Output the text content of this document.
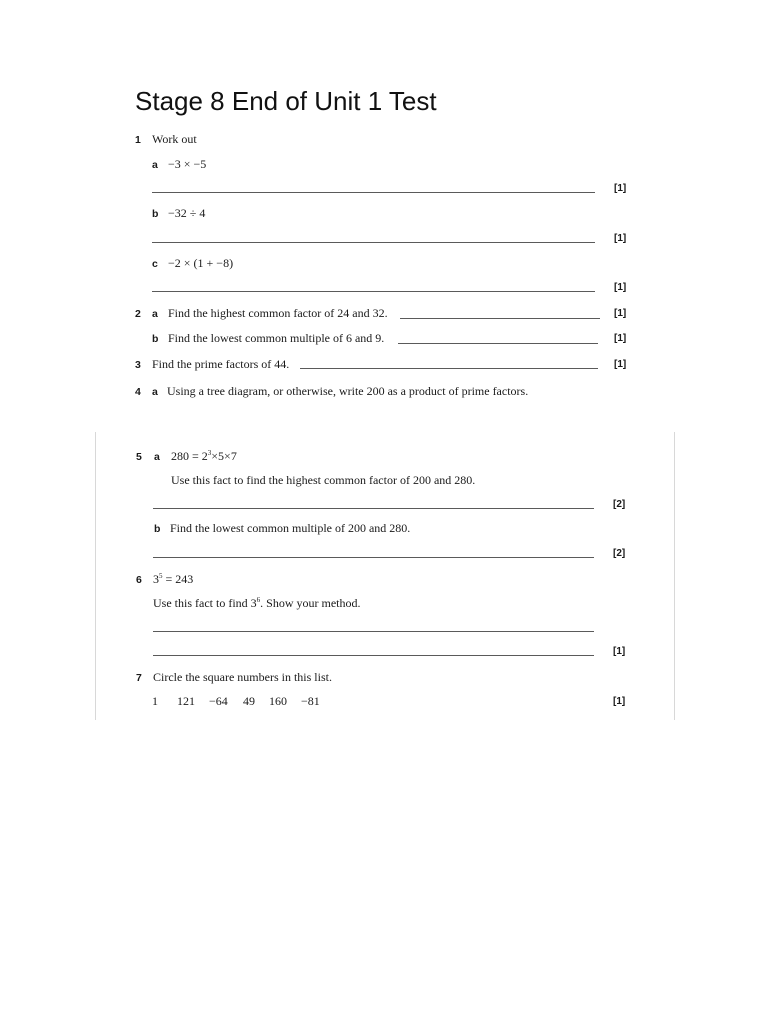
Stage 8 End of Unit 1 Test
1 Work out
a −3 × −5
[1]
b −32 ÷ 4
[1]
c −2 × (1 + −8)
[1]
2 a Find the highest common factor of 24 and 32.	[1]
b Find the lowest common multiple of 6 and 9.	[1]
3 Find the prime factors of 44.	[1]
4 a Using a tree diagram, or otherwise, write 200 as a product of prime factors.
5 a $280 = 2^3\times 5\times 7$
Use this fact to find the highest common factor of 200 and 280.
[2]
b Find the lowest common multiple of 200 and 280.
[2]
6 $3^5 = 243$
Use this fact to find $3^6$. Show your method.
[1]
7 Circle the square numbers in this list.
1 121 −64 49 160 −81	[1]
